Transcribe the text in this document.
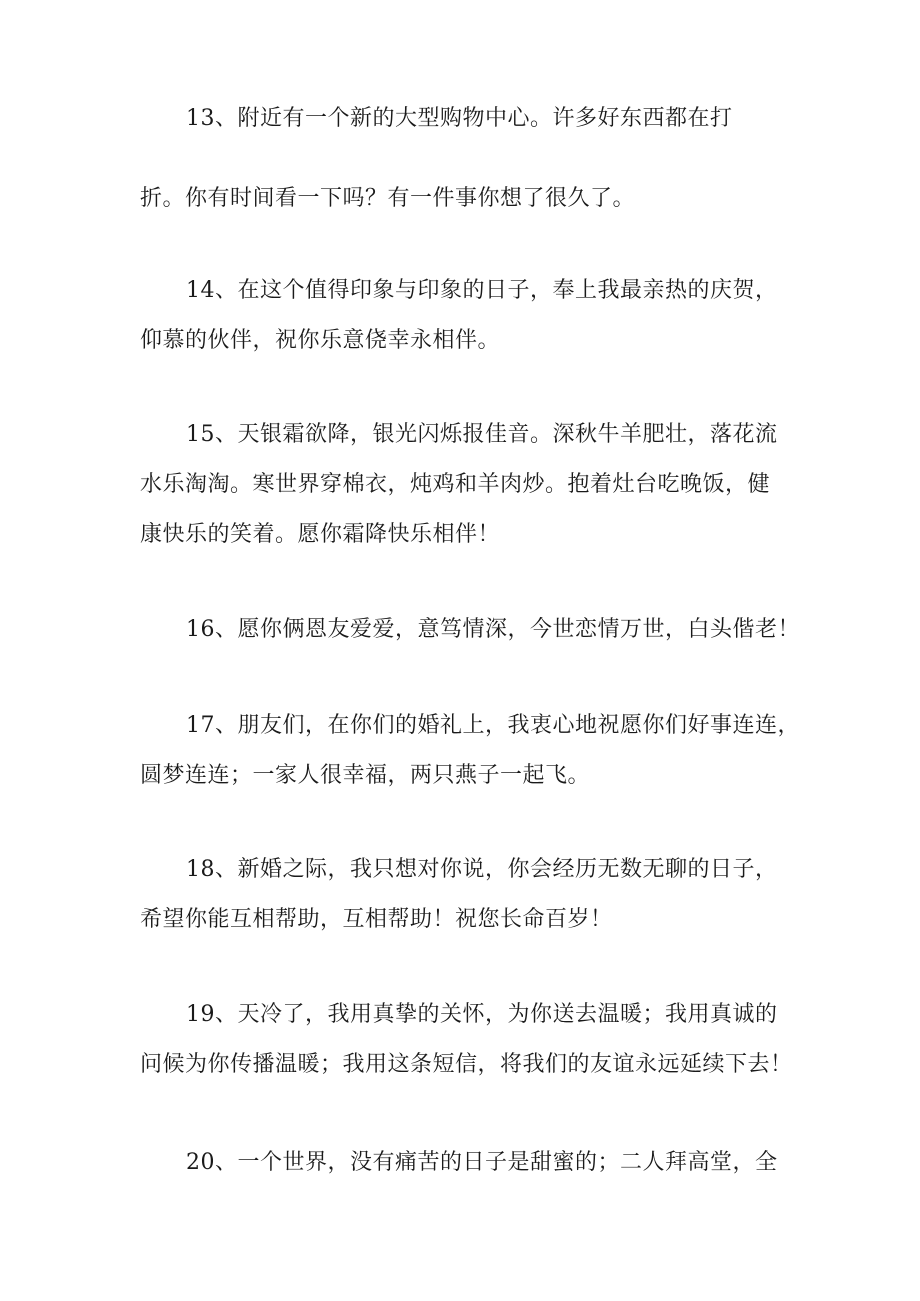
13、附近有一个新的大型购物中心。许多好东西都在打
折。你有时间看一下吗？有一件事你想了很久了。
14、在这个值得印象与印象的日子，奉上我最亲热的庆贺，
仰慕的伙伴，祝你乐意侥幸永相伴。
15、天银霜欲降，银光闪烁报佳音。深秋牛羊肥壮，落花流
水乐淘淘。寒世界穿棉衣，炖鸡和羊肉炒。抱着灶台吃晚饭，健
康快乐的笑着。愿你霜降快乐相伴！
16、愿你俩恩友爱爱，意笃情深，今世恋情万世，白头偕老！
17、朋友们，在你们的婚礼上，我衷心地祝愿你们好事连连，
圆梦连连；一家人很幸福，两只燕子一起飞。
18、新婚之际，我只想对你说，你会经历无数无聊的日子，
希望你能互相帮助，互相帮助！祝您长命百岁！
19、天冷了，我用真挚的关怀，为你送去温暖；我用真诚的
问候为你传播温暖；我用这条短信，将我们的友谊永远延续下去！
20、一个世界，没有痛苦的日子是甜蜜的；二人拜高堂，全
